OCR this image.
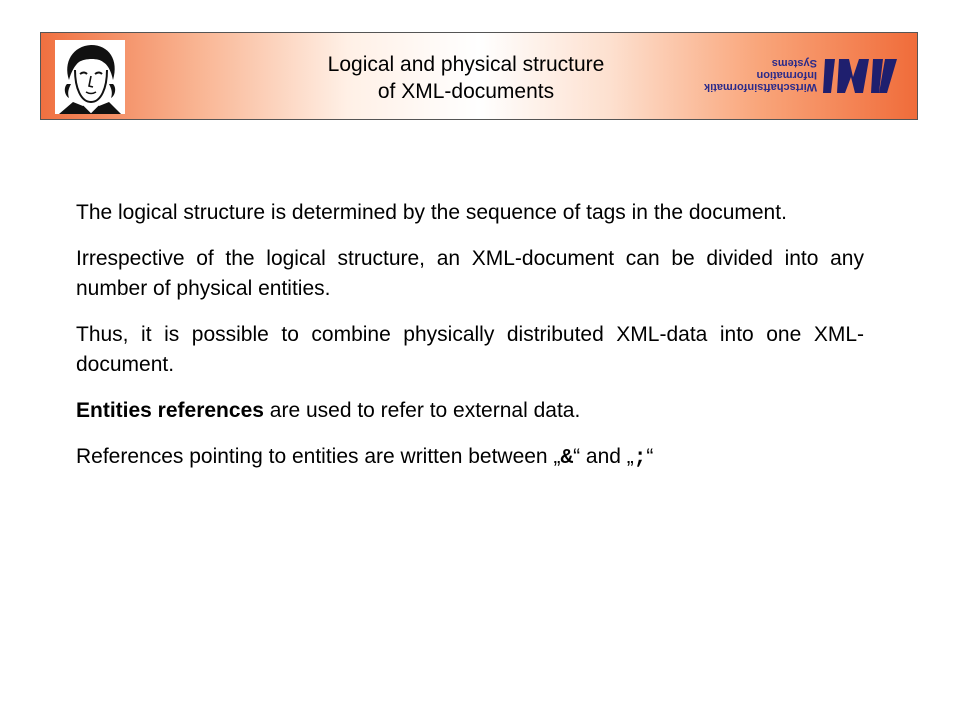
Logical and physical structure
of XML-documents	Wirtschaftsinformatik
Information Systems

The logical structure is determined by the sequence of tags in the document.

Irrespective of the logical structure, an XML-document can be divided into any number of physical entities.

Thus, it is possible to combine physically distributed XML-data into one XML-document.

Entities references are used to refer to external data.

References pointing to entities are written between „&“ and „;“
